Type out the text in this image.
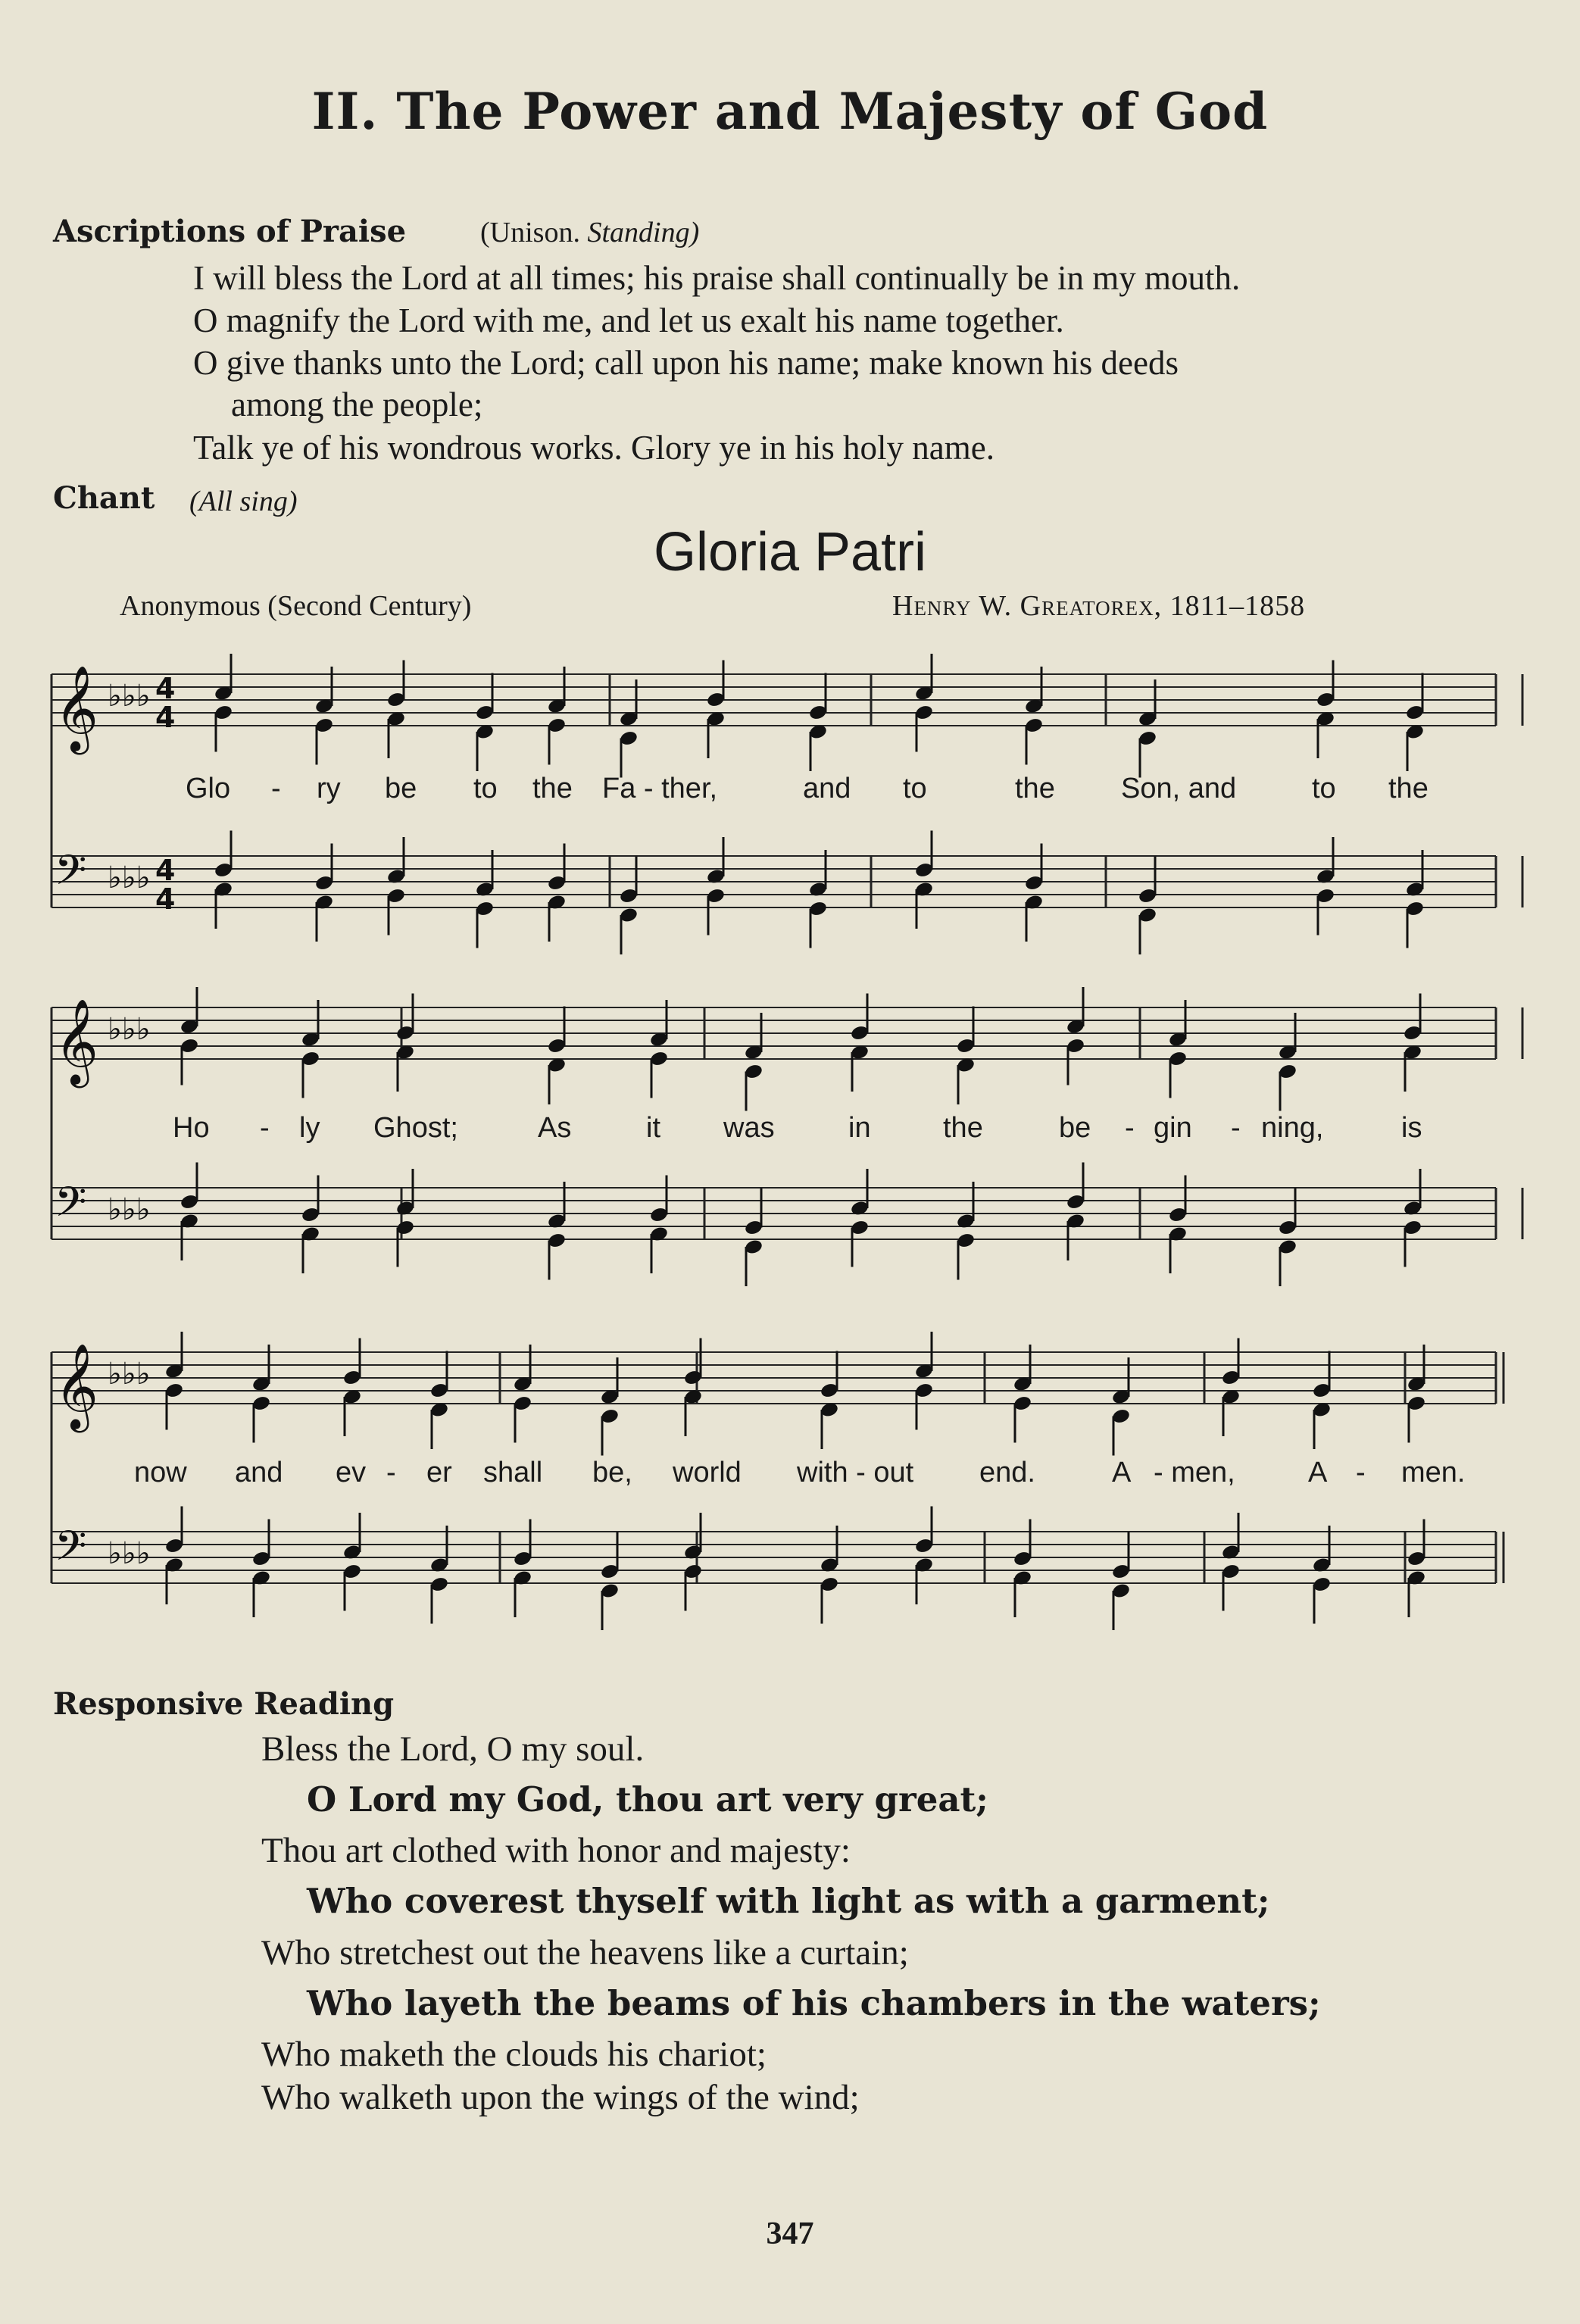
II. The Power and Majesty of God
Ascriptions of Praise	(Unison. Standing)
I will bless the Lord at all times; his praise shall continually be in my mouth.
O magnify the Lord with me, and let us exalt his name together.
O give thanks unto the Lord; call upon his name; make known his deeds
among the people;
Talk ye of his wondrous works. Glory ye in his holy name.
Chant (All sing)
Gloria Patri
Anonymous (Second Century)	Henry W. Greatorex, 1811–1858
𝄞 ♭♭♭ 4
4
𝄢 ♭♭♭ 4
4
𝄞 ♭♭♭
𝄢 ♭♭♭
𝄞 ♭♭♭
𝄢 ♭♭♭
Glo - ry be to the Fa - ther,	and to	the Son, and	to the
Ho - ly Ghost;	As	it was	in	the	be - gin - ning,	is
now and ev - er shall be, world with - out end.	A - men,	A - men.
Responsive Reading
Bless the Lord, O my soul.
O Lord my God, thou art very great;
Thou art clothed with honor and majesty:
Who coverest thyself with light as with a garment;
Who stretchest out the heavens like a curtain;
Who layeth the beams of his chambers in the waters;
Who maketh the clouds his chariot;
Who walketh upon the wings of the wind;
347
